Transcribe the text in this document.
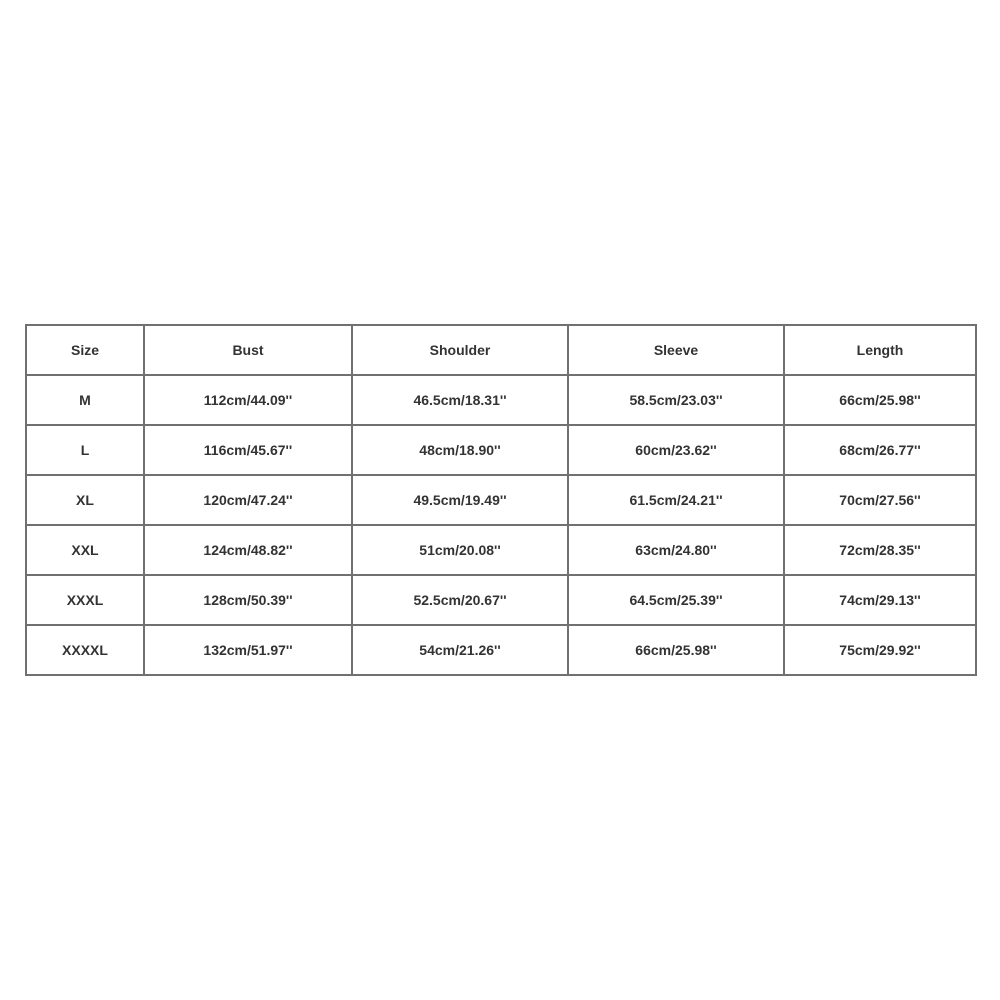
Size	Bust	Shoulder	Sleeve	Length
M	112cm/44.09''	46.5cm/18.31''	58.5cm/23.03''	66cm/25.98''
L	116cm/45.67''	48cm/18.90''	60cm/23.62''	68cm/26.77''
XL	120cm/47.24''	49.5cm/19.49''	61.5cm/24.21''	70cm/27.56''
XXL	124cm/48.82''	51cm/20.08''	63cm/24.80''	72cm/28.35''
XXXL	128cm/50.39''	52.5cm/20.67''	64.5cm/25.39''	74cm/29.13''
XXXXL	132cm/51.97''	54cm/21.26''	66cm/25.98''	75cm/29.92''
